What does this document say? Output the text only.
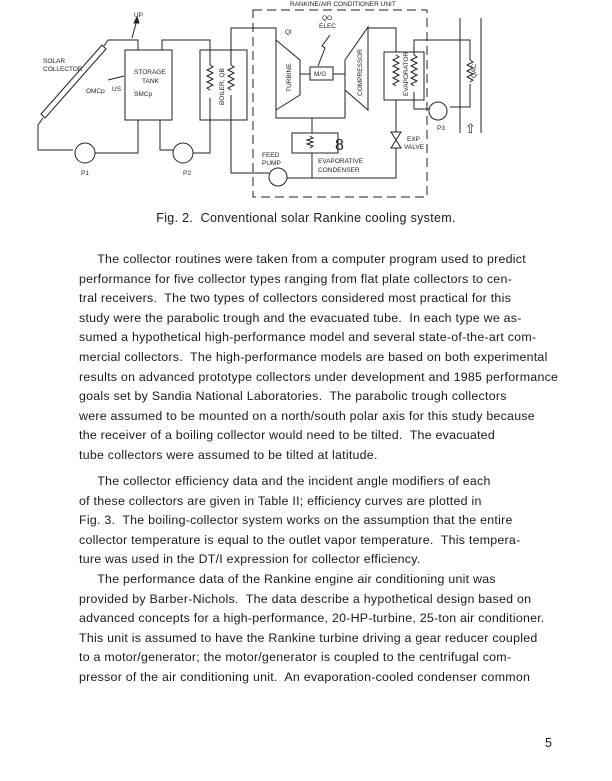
RANKINE/AIR CONDITIONER UNIT
UP
SOLAR
COLLECTOR
OMCp US
STORAGE
TANK
SMCp
P1	P2
BOILER, QB	TURBINE
QI
M/G
QO
ELEC
COMPRESSOR
8
EVAPORATIVE
CONDENSER
FEED
PUMP
EXP
VALVE
EVAPORATOR
P3
QAC
⇧
Fig. 2.  Conventional solar Rankine cooling system.
The collector routines were taken from a computer program used to predict
performance for five collector types ranging from flat plate collectors to cen-
tral receivers.  The two types of collectors considered most practical for this
study were the parabolic trough and the evacuated tube.  In each type we as-
sumed a hypothetical high-performance model and several state-of-the-art com-
mercial collectors.  The high-performance models are based on both experimental
results on advanced prototype collectors under development and 1985 performance
goals set by Sandia National Laboratories.  The parabolic trough collectors
were assumed to be mounted on a north/south polar axis for this study because
the receiver of a boiling collector would need to be tilted.  The evacuated
tube collectors were assumed to be tilted at latitude.
The collector efficiency data and the incident angle modifiers of each
of these collectors are given in Table II; efficiency curves are plotted in
Fig. 3.  The boiling-collector system works on the assumption that the entire
collector temperature is equal to the outlet vapor temperature.  This tempera-
ture was used in the DT/I expression for collector efficiency.
The performance data of the Rankine engine air conditioning unit was
provided by Barber-Nichols.  The data describe a hypothetical design based on
advanced concepts for a high-performance, 20-HP-turbine, 25-ton air conditioner.
This unit is assumed to have the Rankine turbine driving a gear reducer coupled
to a motor/generator; the motor/generator is coupled to the centrifugal com-
pressor of the air conditioning unit.  An evaporation-cooled condenser common
5
